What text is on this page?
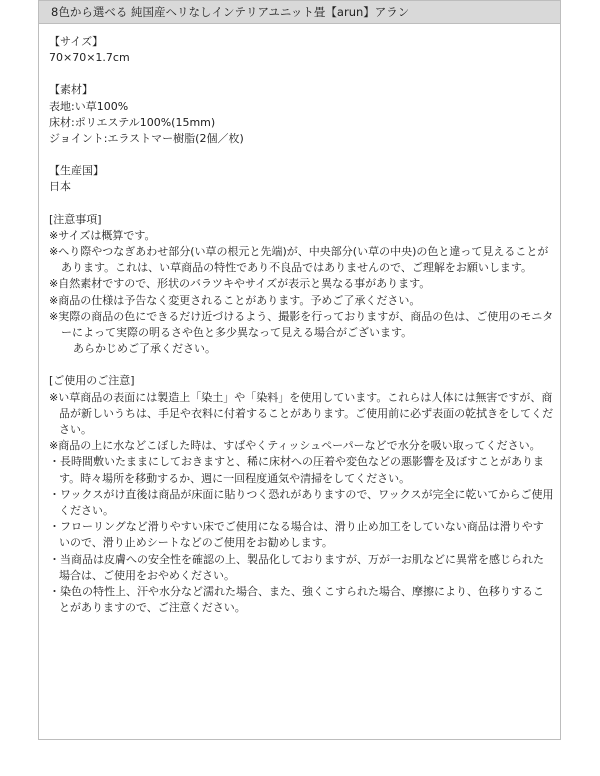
8色から選べる 純国産ヘリなしインテリアユニット畳【arun】アラン
【サイズ】
70×70×1.7cm
【素材】
表地:い草100%
床材:ポリエステル100%(15mm)
ジョイント:エラストマー樹脂(2個／枚)
【生産国】
日本
[注意事項]
※サイズは概算です。
※へり際やつなぎあわせ部分(い草の根元と先端)が、中央部分(い草の中央)の色と違って見えることがあります。これは、い草商品の特性であり不良品ではありませんので、ご理解をお願いします。
※自然素材ですので、形状のバラツキやサイズが表示と異なる事があります。
※商品の仕様は予告なく変更されることがあります。予めご了承ください。
※実際の商品の色にできるだけ近づけるよう、撮影を行っておりますが、商品の色は、ご使用のモニターによって実際の明るさや色と多少異なって見える場合がございます。
あらかじめご了承ください。
[ご使用のご注意]
※い草商品の表面には製造上「染土」や「染料」を使用しています。これらは人体には無害ですが、商品が新しいうちは、手足や衣料に付着することがあります。ご使用前に必ず表面の乾拭きをしてください。
※商品の上に水などこぼした時は、すばやくティッシュペーパーなどで水分を吸い取ってください。
・長時間敷いたままにしておきますと、稀に床材への圧着や変色などの悪影響を及ぼすことがあります。時々場所を移動するか、週に一回程度通気や清掃をしてください。
・ワックスがけ直後は商品が床面に貼りつく恐れがありますので、ワックスが完全に乾いてからご使用ください。
・フローリングなど滑りやすい床でご使用になる場合は、滑り止め加工をしていない商品は滑りやすいので、滑り止めシートなどのご使用をお勧めします。
・当商品は皮膚への安全性を確認の上、製品化しておりますが、万が一お肌などに異常を感じられた場合は、ご使用をおやめください。
・染色の特性上、汗や水分など濡れた場合、また、強くこすられた場合、摩擦により、色移りすることがありますので、ご注意ください。
